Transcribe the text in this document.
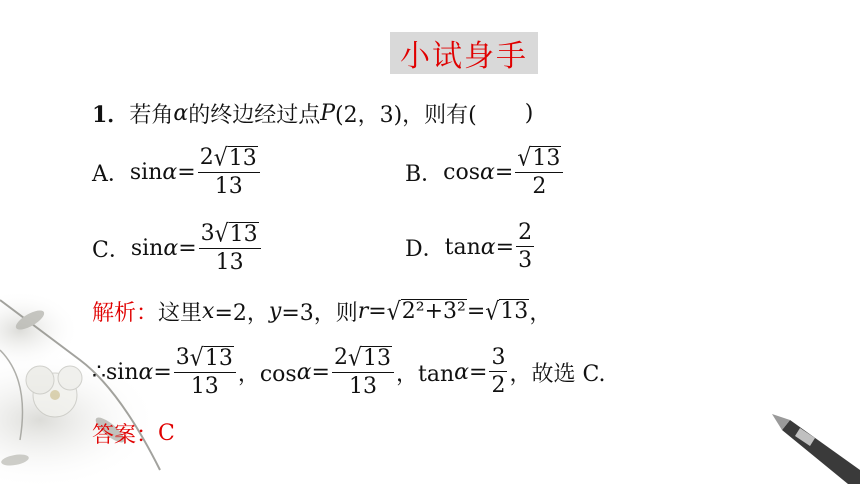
小试身手
1． 若角 α 的终边经过点 P (2，3)，则有( )
A． $\sin \alpha = \frac{2 √ 13}{13}$	B． $\cos \alpha = \frac{√ 13}{2}$
C． $\sin \alpha = \frac{3 √ 13}{13}$	D． $\tan \alpha = \frac{2}{3}$
解析： 这里 x =2， y =3，则 r = √ 2²+3² = √ 13 ，
∴sin $\alpha = \frac{3 √ 13}{13}$ ，$\cos \alpha = \frac{2 √ 13}{13}$ ，$\tan \alpha = \frac{3}{2}$ ，故选 C.
答案： C
